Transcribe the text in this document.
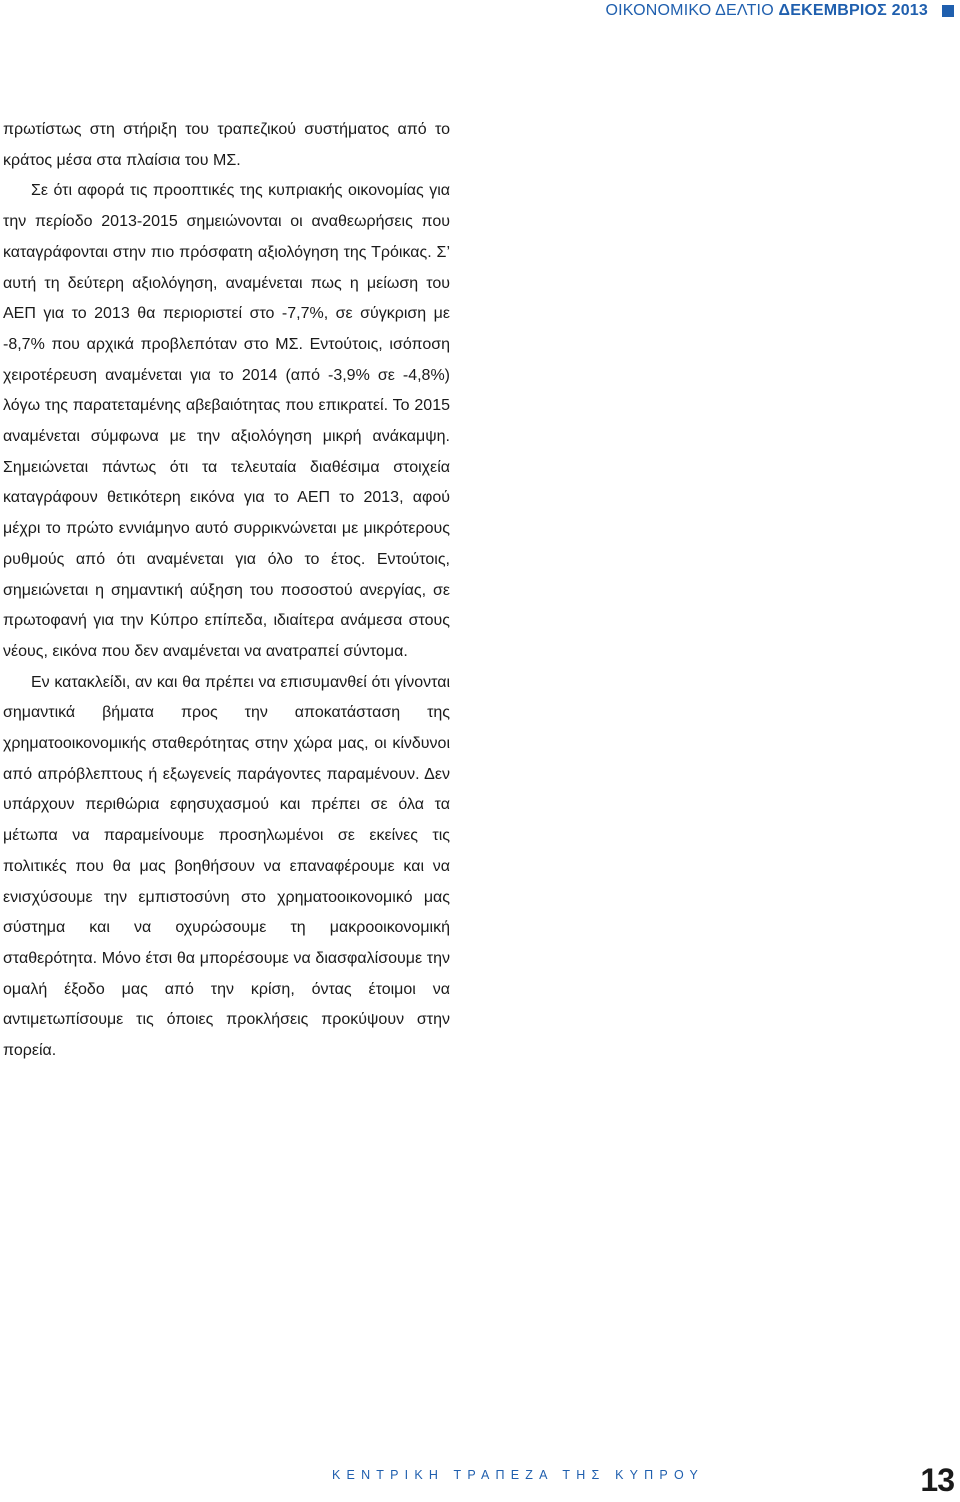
ΟΙΚΟΝΟΜΙΚΟ ΔΕΛΤΙΟ ΔΕΚΕΜΒΡΙΟΣ 2013

πρωτίστως στη στήριξη του τραπεζικού συστήματος από το κράτος μέσα στα πλαίσια του ΜΣ.

Σε ότι αφορά τις προοπτικές της κυπριακής οικονομίας για την περίοδο 2013-2015 σημειώνονται οι αναθεωρήσεις που καταγράφονται στην πιο πρόσφατη αξιολόγηση της Τρόικας. Σ’ αυτή τη δεύτερη αξιολόγηση, αναμένεται πως η μείωση του ΑΕΠ για το 2013 θα περιοριστεί στο -7,7%, σε σύγκριση με -8,7% που αρχικά προβλεπόταν στο ΜΣ. Εντούτοις, ισόποση χειροτέρευση αναμένεται για το 2014 (από -3,9% σε -4,8%) λόγω της παρατεταμένης αβεβαιότητας που επικρατεί. Το 2015 αναμένεται σύμφωνα με την αξιολόγηση μικρή ανάκαμψη. Σημειώνεται πάντως ότι τα τελευταία διαθέσιμα στοιχεία καταγράφουν θετικότερη εικόνα για το ΑΕΠ το 2013, αφού μέχρι το πρώτο εννιάμηνο αυτό συρρικνώνεται με μικρότερους ρυθμούς από ότι αναμένεται για όλο το έτος. Εντούτοις, σημειώνεται η σημαντική αύξηση του ποσοστού ανεργίας, σε πρωτοφανή για την Κύπρο επίπεδα, ιδιαίτερα ανάμεσα στους νέους, εικόνα που δεν αναμένεται να ανατραπεί σύντομα.

Εν κατακλείδι, αν και θα πρέπει να επισυμανθεί ότι γίνονται σημαντικά βήματα προς την αποκατάσταση της χρηματοοικονομικής σταθερότητας στην χώρα μας, οι κίνδυνοι από απρόβλεπτους ή εξωγενείς παράγοντες παραμένουν. Δεν υπάρχουν περιθώρια εφησυχασμού και πρέπει σε όλα τα μέτωπα να παραμείνουμε προσηλωμένοι σε εκείνες τις πολιτικές που θα μας βοηθήσουν να επαναφέρουμε και να ενισχύσουμε την εμπιστοσύνη στο χρηματοοικονομικό μας σύστημα και να οχυρώσουμε τη μακροοικονομική σταθερότητα. Μόνο έτσι θα μπορέσουμε να διασφαλίσουμε την ομαλή έξοδο μας από την κρίση, όντας έτοιμοι να αντιμετωπίσουμε τις όποιες προκλήσεις προκύψουν στην πορεία.

ΚΕΝΤΡΙΚΗ ΤΡΑΠΕΖΑ ΤΗΣ ΚΥΠΡΟΥ	13
